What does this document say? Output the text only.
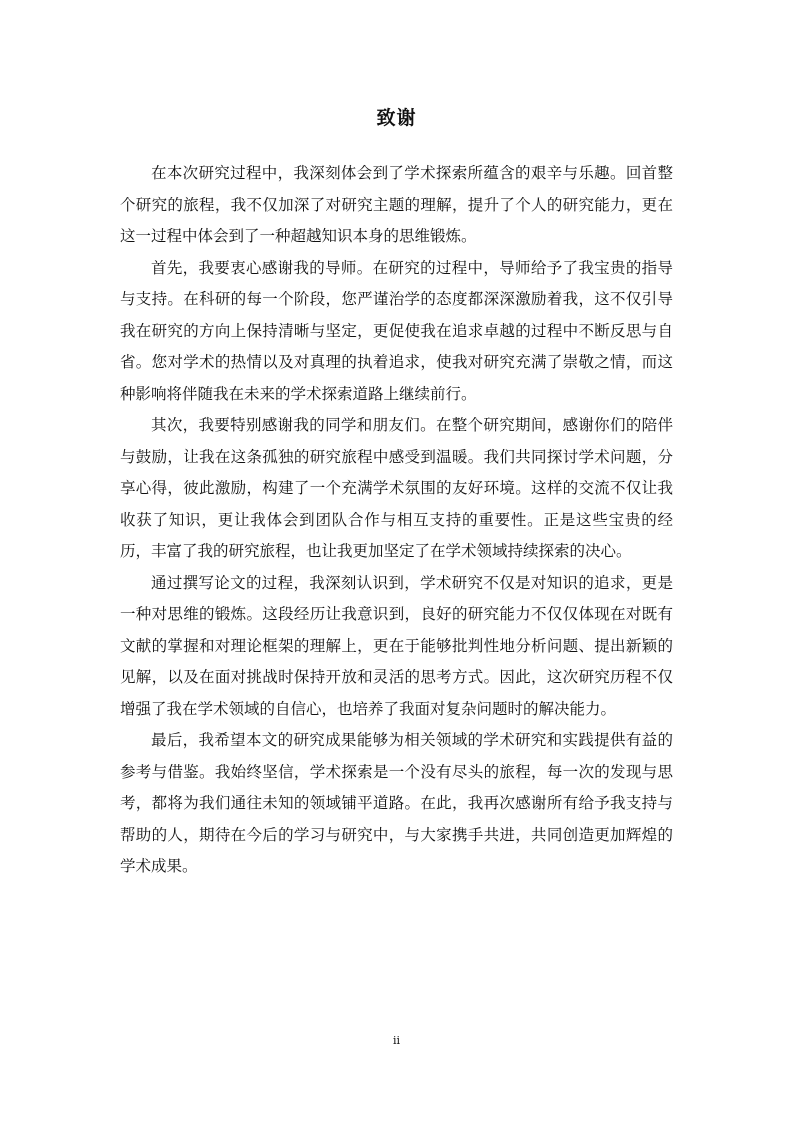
致谢

在本次研究过程中，我深刻体会到了学术探索所蕴含的艰辛与乐趣。回首整个研究的旅程，我不仅加深了对研究主题的理解，提升了个人的研究能力，更在这一过程中体会到了一种超越知识本身的思维锻炼。

首先，我要衷心感谢我的导师。在研究的过程中，导师给予了我宝贵的指导与支持。在科研的每一个阶段，您严谨治学的态度都深深激励着我，这不仅引导我在研究的方向上保持清晰与坚定，更促使我在追求卓越的过程中不断反思与自省。您对学术的热情以及对真理的执着追求，使我对研究充满了崇敬之情，而这种影响将伴随我在未来的学术探索道路上继续前行。

其次，我要特别感谢我的同学和朋友们。在整个研究期间，感谢你们的陪伴与鼓励，让我在这条孤独的研究旅程中感受到温暖。我们共同探讨学术问题，分享心得，彼此激励，构建了一个充满学术氛围的友好环境。这样的交流不仅让我收获了知识，更让我体会到团队合作与相互支持的重要性。正是这些宝贵的经历，丰富了我的研究旅程，也让我更加坚定了在学术领域持续探索的决心。

通过撰写论文的过程，我深刻认识到，学术研究不仅是对知识的追求，更是一种对思维的锻炼。这段经历让我意识到，良好的研究能力不仅仅体现在对既有文献的掌握和对理论框架的理解上，更在于能够批判性地分析问题、提出新颖的见解，以及在面对挑战时保持开放和灵活的思考方式。因此，这次研究历程不仅增强了我在学术领域的自信心，也培养了我面对复杂问题时的解决能力。

最后，我希望本文的研究成果能够为相关领域的学术研究和实践提供有益的参考与借鉴。我始终坚信，学术探索是一个没有尽头的旅程，每一次的发现与思考，都将为我们通往未知的领域铺平道路。在此，我再次感谢所有给予我支持与帮助的人，期待在今后的学习与研究中，与大家携手共进，共同创造更加辉煌的学术成果。

ii
